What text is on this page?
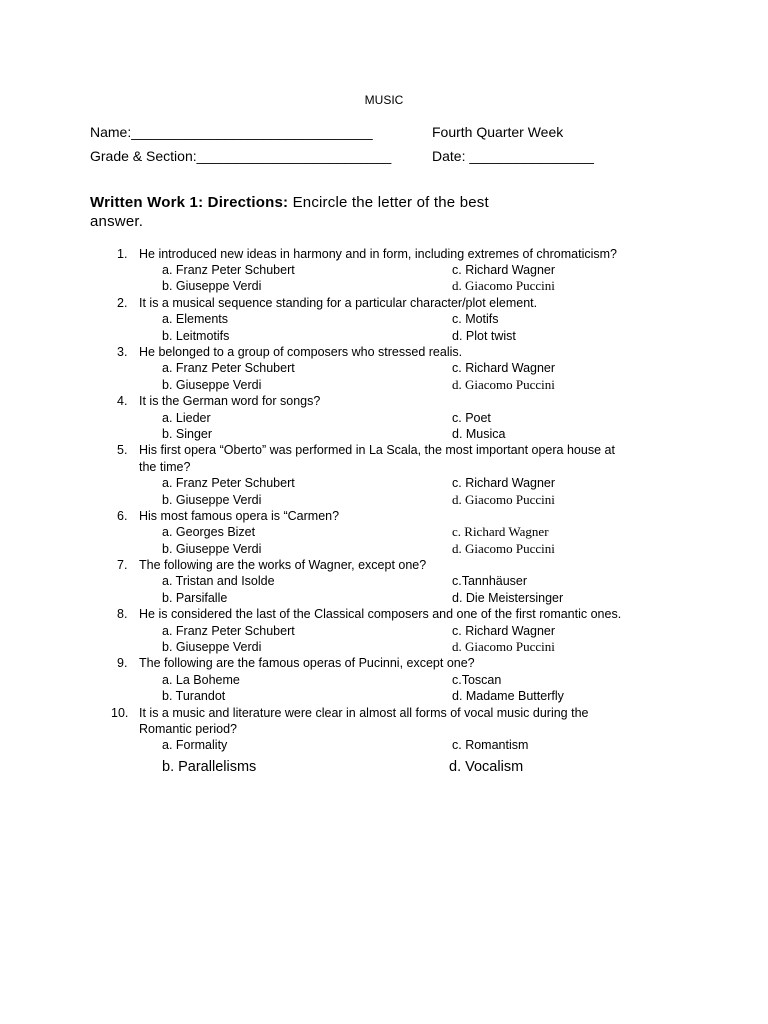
MUSIC
Name:_______________________________	Fourth Quarter Week
Grade & Section:_________________________	Date: ________________
Written Work 1: Directions: Encircle the letter of the best answer.
1. He introduced new ideas in harmony and in form, including extremes of chromaticism?
a. Franz Peter Schubert	c. Richard Wagner
b. Giuseppe Verdi	d. Giacomo Puccini
2. It is a musical sequence standing for a particular character/plot element.
a. Elements	c. Motifs
b. Leitmotifs	d. Plot twist
3. He belonged to a group of composers who stressed realis.
a. Franz Peter Schubert	c. Richard Wagner
b. Giuseppe Verdi	d. Giacomo Puccini
4. It is the German word for songs?
a. Lieder	c. Poet
b. Singer	d. Musica
5. His first opera “Oberto” was performed in La Scala, the most important opera house at
the time?
a. Franz Peter Schubert	c. Richard Wagner
b. Giuseppe Verdi	d. Giacomo Puccini
6. His most famous opera is “Carmen?
a. Georges Bizet	c. Richard Wagner
b. Giuseppe Verdi	d. Giacomo Puccini
7. The following are the works of Wagner, except one?
a. Tristan and Isolde	c.Tannhäuser
b. Parsifalle	d. Die Meistersinger
8. He is considered the last of the Classical composers and one of the first romantic ones.
a. Franz Peter Schubert	c. Richard Wagner
b. Giuseppe Verdi	d. Giacomo Puccini
9. The following are the famous operas of Pucinni, except one?
a. La Boheme	c.Toscan
b. Turandot	d. Madame Butterfly
10. It is a music and literature were clear in almost all forms of vocal music during the
Romantic period?
a. Formality	c. Romantism
b. Parallelisms	d. Vocalism
